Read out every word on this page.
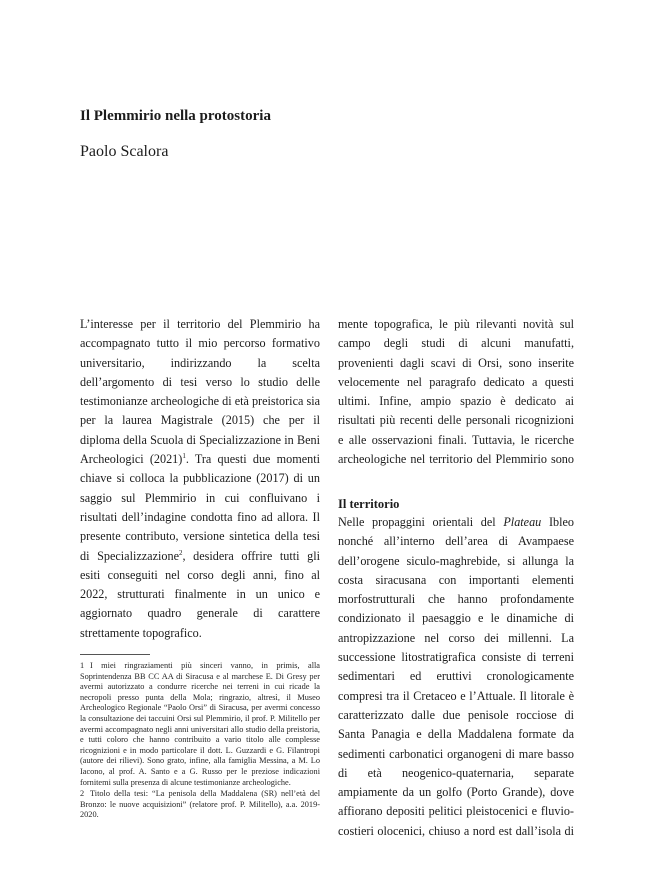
Il Plemmirio nella protostoria
Paolo Scalora

L’interesse per il territorio del Plemmirio ha accompagnato tutto il mio percorso formativo universitario, indirizzando la scelta dell’argomento di tesi verso lo studio delle testimonianze archeologiche di età preistorica sia per la laurea Magistrale (2015) che per il diploma della Scuola di Specializzazione in Beni Archeologici $(2021)^1$. Tra questi due momenti chiave si colloca la pubblicazione (2017) di un saggio sul Plemmirio in cui confluivano i risultati dell’indagine condotta fino ad allora. Il presente contributo, versione sintetica della tesi di Specializzazione$^2$, desidera offrire tutti gli esiti conseguiti nel corso degli anni, fino al 2022, strutturati finalmente in un unico e aggiornato quadro generale di carattere strettamente topografico.

mente topografica, le più rilevanti novità sul campo degli studi di alcuni manufatti, provenienti dagli scavi di Orsi, sono inserite velocemente nel paragrafo dedicato a questi ultimi. Infine, ampio spazio è dedicato ai risultati più recenti delle personali ricognizioni e alle osservazioni finali. Tuttavia, le ricerche archeologiche nel territorio del Plemmirio sono

Il territorio

Nelle propaggini orientali del Plateau Ibleo nonché all’interno dell’area di Avampaese dell’orogene siculo-maghrebide, si allunga la costa siracusana con importanti elementi morfostrutturali che hanno profondamente condizionato il paesaggio e le dinamiche di antropizzazione nel corso dei millenni. La successione litostratigrafica consiste di terreni sedimentari ed eruttivi cronologicamente compresi tra il Cretaceo e l’Attuale. Il litorale è caratterizzato dalle due penisole rocciose di Santa Panagia e della Maddalena formate da sedimenti carbonatici organogeni di mare basso di età neogenico-quaternaria, separate ampiamente da un golfo (Porto Grande), dove affiorano depositi pelitici pleistocenici e fluvio-costieri olocenici, chiuso a nord est dall’isola di

1 I miei ringraziamenti più sinceri vanno, in primis, alla Soprintendenza BB CC AA di Siracusa e al marchese E. Di Gresy per avermi autorizzato a condurre ricerche nei terreni in cui ricade la necropoli presso punta della Mola; ringrazio, altresì, il Museo Archeologico Regionale “Paolo Orsi” di Siracusa, per avermi concesso la consultazione dei taccuini Orsi sul Plemmirio, il prof. P. Militello per avermi accompagnato negli anni universitari allo studio della preistoria, e tutti coloro che hanno contribuito a vario titolo alle complesse ricognizioni e in modo particolare il dott. L. Guzzardi e G. Filantropi (autore dei rilievi). Sono grato, infine, alla famiglia Messina, a M. Lo Iacono, al prof. A. Santo e a G. Russo per le preziose indicazioni fornitemi sulla presenza di alcune testimonianze archeologiche.

2 Titolo della tesi: “La penisola della Maddalena (SR) nell’età del Bronzo: le nuove acquisizioni” (relatore prof. P. Militello), a.a. 2019-2020.
